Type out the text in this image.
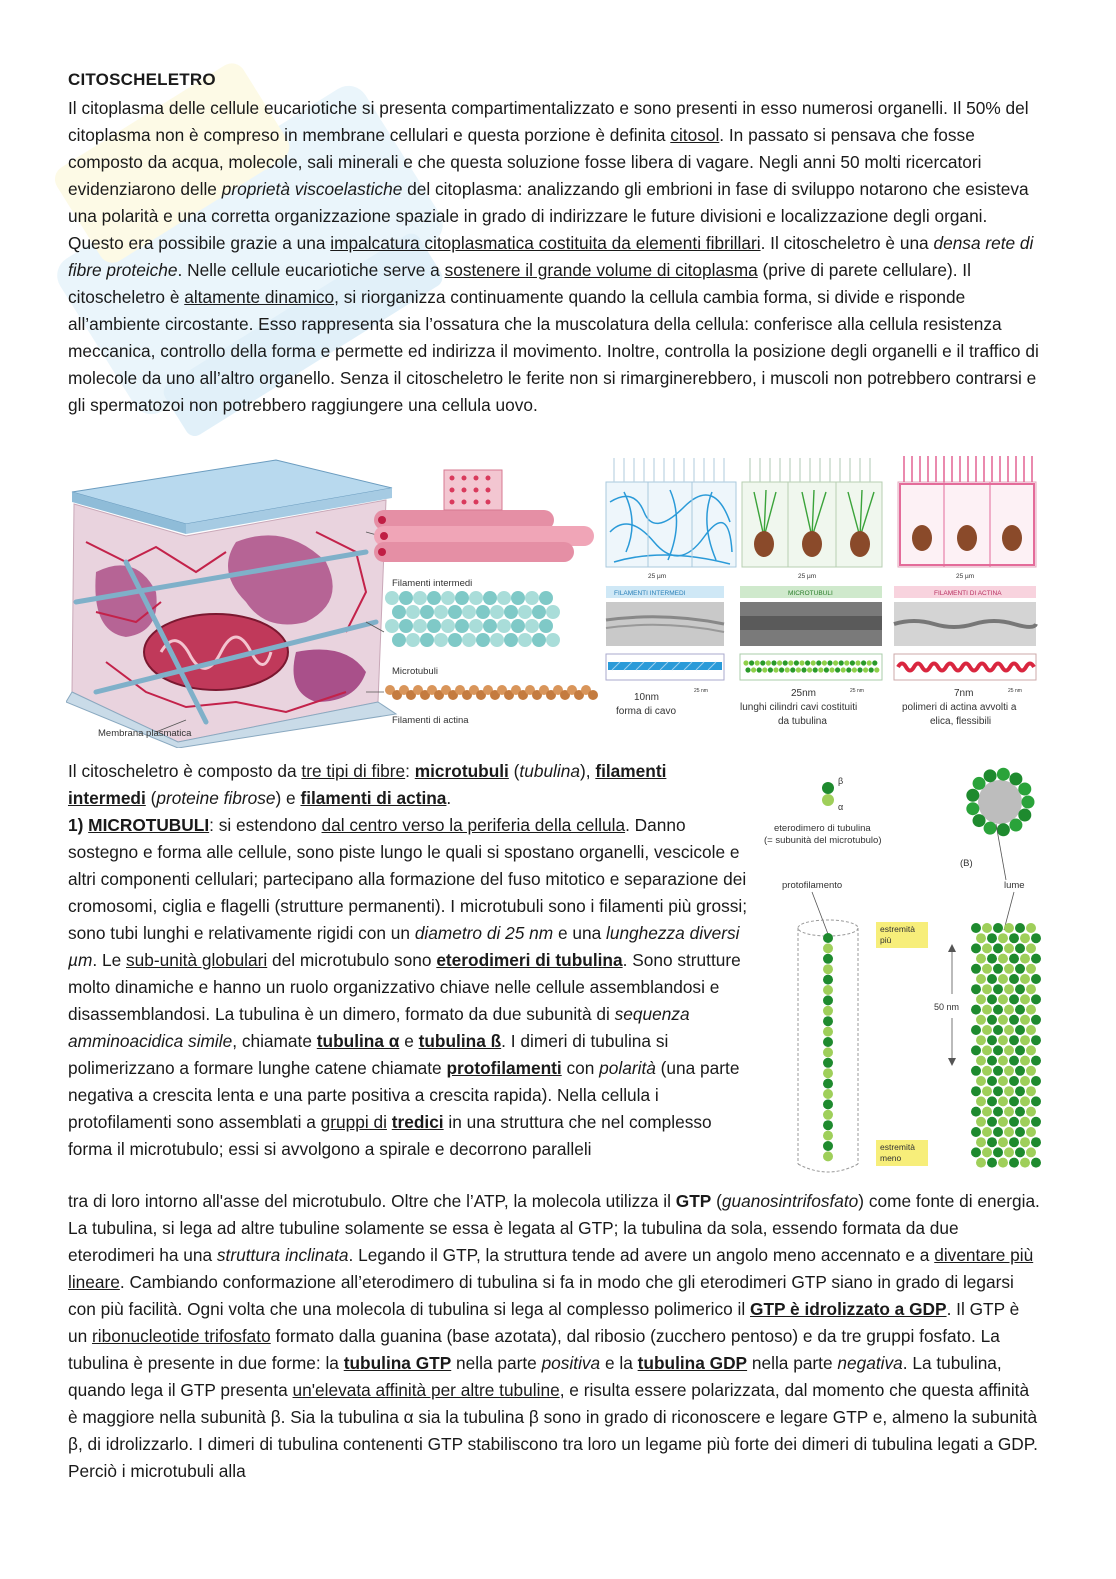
CITOSCHELETRO

Il citoplasma delle cellule eucariotiche si presenta compartimentalizzato e sono presenti in esso numerosi organelli. Il 50% del citoplasma non è compreso in membrane cellulari e questa porzione è definita citosol. In passato si pensava che fosse composto da acqua, molecole, sali minerali e che questa soluzione fosse libera di vagare. Negli anni 50 molti ricercatori evidenziarono delle proprietà viscoelastiche del citoplasma: analizzando gli embrioni in fase di sviluppo notarono che esisteva una polarità e una corretta organizzazione spaziale in grado di indirizzare le future divisioni e localizzazione degli organi. Questo era possibile grazie a una impalcatura citoplasmatica costituita da elementi fibrillari. Il citoscheletro è una densa rete di fibre proteiche. Nelle cellule eucariotiche serve a sostenere il grande volume di citoplasma (prive di parete cellulare). Il citoscheletro è altamente dinamico, si riorganizza continuamente quando la cellula cambia forma, si divide e risponde all’ambiente circostante. Esso rappresenta sia l’ossatura che la muscolatura della cellula: conferisce alla cellula resistenza meccanica, controllo della forma e permette ed indirizza il movimento. Inoltre, controlla la posizione degli organelli e il traffico di molecole da uno all’altro organello. Senza il citoscheletro le ferite non si rimarginerebbero, i muscoli non potrebbero contrarsi e gli spermatozoi non potrebbero raggiungere una cellula uovo.

Filamenti intermedi
Microtubuli
Filamenti di actina
Membrana plasmatica
25 µm	25 µm	25 µm
FILAMENTI INTERMEDI	MICROTUBULI	FILAMENTI DI ACTINA
10nm
25 nm
forma di cavo
25nm	25 nm
lunghi cilindri cavi costituiti
da tubulina
7nm	25 nm
polimeri di actina avvolti a
elica, flessibili

Il citoscheletro è composto da tre tipi di fibre: microtubuli (tubulina), filamenti intermedi (proteine fibrose) e filamenti di actina.
1) MICROTUBULI: si estendono dal centro verso la periferia della cellula. Danno sostegno e forma alle cellule, sono piste lungo le quali si spostano organelli, vescicole e altri componenti cellulari; partecipano alla formazione del fuso mitotico e separazione dei cromosomi, ciglia e flagelli (strutture permanenti). I microtubuli sono i filamenti più grossi; sono tubi lunghi e relativamente rigidi con un diametro di 25 nm e una lunghezza diversi µm. Le sub-unità globulari del microtubulo sono eterodimeri di tubulina. Sono strutture molto dinamiche e hanno un ruolo organizzativo chiave nelle cellule assemblandosi e disassemblandosi. La tubulina è un dimero, formato da due subunità di sequenza amminoacidica simile, chiamate tubulina α e tubulina ß. I dimeri di tubulina si polimerizzano a formare lunghe catene chiamate protofilamenti con polarità (una parte negativa a crescita lenta e una parte positiva a crescita rapida). Nella cellula i protofilamenti sono assemblati a gruppi di tredici in una struttura che nel complesso forma il microtubulo; essi si avvolgono a spirale e decorrono paralleli

β
α
eterodimero di tubulina
(= subunità del microtubulo)
(B)
protofilamento	lume
estremità
più
estremità
meno
50 nm

tra di loro intorno all'asse del microtubulo. Oltre che l’ATP, la molecola utilizza il GTP (guanosintrifosfato) come fonte di energia. La tubulina, si lega ad altre tubuline solamente se essa è legata al GTP; la tubulina da sola, essendo formata da due eterodimeri ha una struttura inclinata. Legando il GTP, la struttura tende ad avere un angolo meno accennato e a diventare più lineare. Cambiando conformazione all’eterodimero di tubulina si fa in modo che gli eterodimeri GTP siano in grado di legarsi con più facilità. Ogni volta che una molecola di tubulina si lega al complesso polimerico il GTP è idrolizzato a GDP. Il GTP è un ribonucleotide trifosfato formato dalla guanina (base azotata), dal ribosio (zucchero pentoso) e da tre gruppi fosfato. La tubulina è presente in due forme: la tubulina GTP nella parte positiva e la tubulina GDP nella parte negativa. La tubulina, quando lega il GTP presenta un'elevata affinità per altre tubuline, e risulta essere polarizzata, dal momento che questa affinità è maggiore nella subunità β. Sia la tubulina α sia la tubulina β sono in grado di riconoscere e legare GTP e, almeno la subunità β, di idrolizzarlo. I dimeri di tubulina contenenti GTP stabiliscono tra loro un legame più forte dei dimeri di tubulina legati a GDP. Perciò i microtubuli alla
